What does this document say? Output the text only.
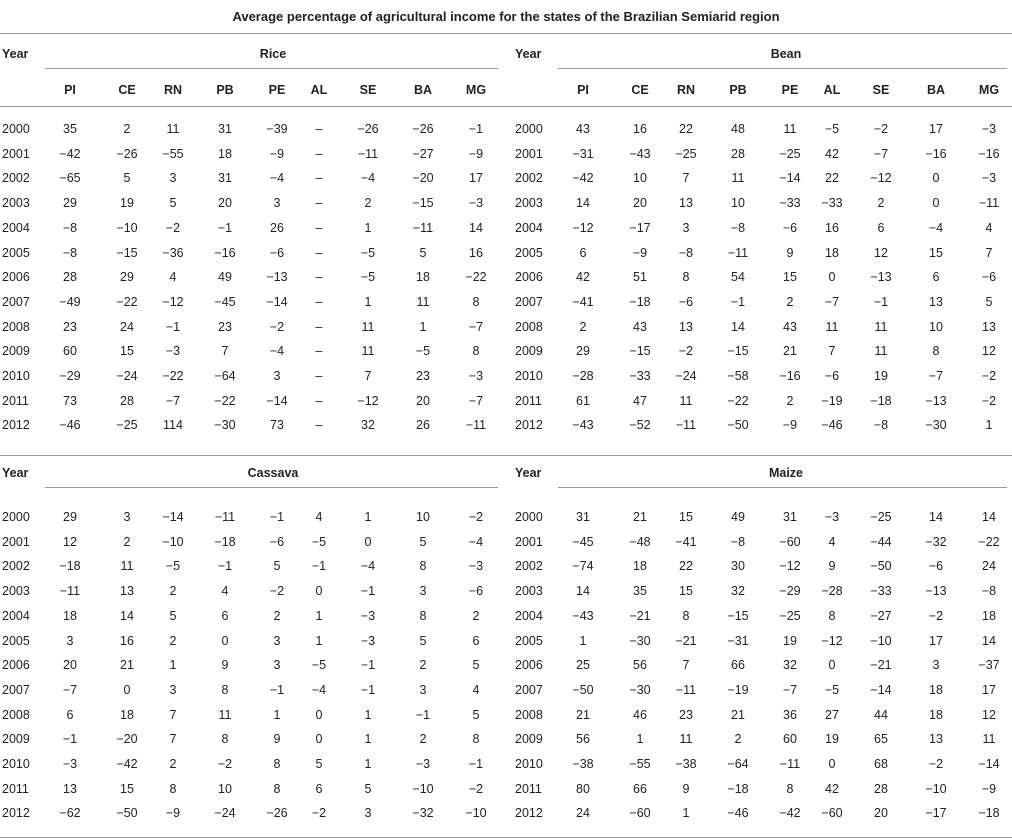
Average percentage of agricultural income for the states of the Brazilian Semiarid region
Year	Rice
PI	CE	RN	PB	PE	AL	SE	BA	MG
2000	35	2	11	31	−39	–	−26	−26	−1
2001	−42	−26	−55	18	−9	–	−11	−27	−9
2002	−65	5	3	31	−4	–	−4	−20	17
2003	29	19	5	20	3	–	2	−15	−3
2004	−8	−10	−2	−1	26	–	1	−11	14
2005	−8	−15	−36	−16	−6	–	−5	5	16
2006	28	29	4	49	−13	–	−5	18	−22
2007	−49	−22	−12	−45	−14	–	1	11	8
2008	23	24	−1	23	−2	–	11	1	−7
2009	60	15	−3	7	−4	–	11	−5	8
2010	−29	−24	−22	−64	3	–	7	23	−3
2011	73	28	−7	−22	−14	–	−12	20	−7
2012	−46	−25	114	−30	73	–	32	26	−11
Year	Bean
PI	CE	RN	PB	PE	AL	SE	BA	MG
2000	43	16	22	48	11	−5	−2	17	−3
2001	−31	−43	−25	28	−25	42	−7	−16	−16
2002	−42	10	7	11	−14	22	−12	0	−3
2003	14	20	13	10	−33	−33	2	0	−11
2004	−12	−17	3	−8	−6	16	6	−4	4
2005	6	−9	−8	−11	9	18	12	15	7
2006	42	51	8	54	15	0	−13	6	−6
2007	−41	−18	−6	−1	2	−7	−1	13	5
2008	2	43	13	14	43	11	11	10	13
2009	29	−15	−2	−15	21	7	11	8	12
2010	−28	−33	−24	−58	−16	−6	19	−7	−2
2011	61	47	11	−22	2	−19	−18	−13	−2
2012	−43	−52	−11	−50	−9	−46	−8	−30	1
Year	Cassava
2000	29	3	−14	−11	−1	4	1	10	−2
2001	12	2	−10	−18	−6	−5	0	5	−4
2002	−18	11	−5	−1	5	−1	−4	8	−3
2003	−11	13	2	4	−2	0	−1	3	−6
2004	18	14	5	6	2	1	−3	8	2
2005	3	16	2	0	3	1	−3	5	6
2006	20	21	1	9	3	−5	−1	2	5
2007	−7	0	3	8	−1	−4	−1	3	4
2008	6	18	7	11	1	0	1	−1	5
2009	−1	−20	7	8	9	0	1	2	8
2010	−3	−42	2	−2	8	5	1	−3	−1
2011	13	15	8	10	8	6	5	−10	−2
2012	−62	−50	−9	−24	−26	−2	3	−32	−10
Year	Maize
2000	31	21	15	49	31	−3	−25	14	14
2001	−45	−48	−41	−8	−60	4	−44	−32	−22
2002	−74	18	22	30	−12	9	−50	−6	24
2003	14	35	15	32	−29	−28	−33	−13	−8
2004	−43	−21	8	−15	−25	8	−27	−2	18
2005	1	−30	−21	−31	19	−12	−10	17	14
2006	25	56	7	66	32	0	−21	3	−37
2007	−50	−30	−11	−19	−7	−5	−14	18	17
2008	21	46	23	21	36	27	44	18	12
2009	56	1	11	2	60	19	65	13	11
2010	−38	−55	−38	−64	−11	0	68	−2	−14
2011	80	66	9	−18	8	42	28	−10	−9
2012	24	−60	1	−46	−42	−60	20	−17	−18
